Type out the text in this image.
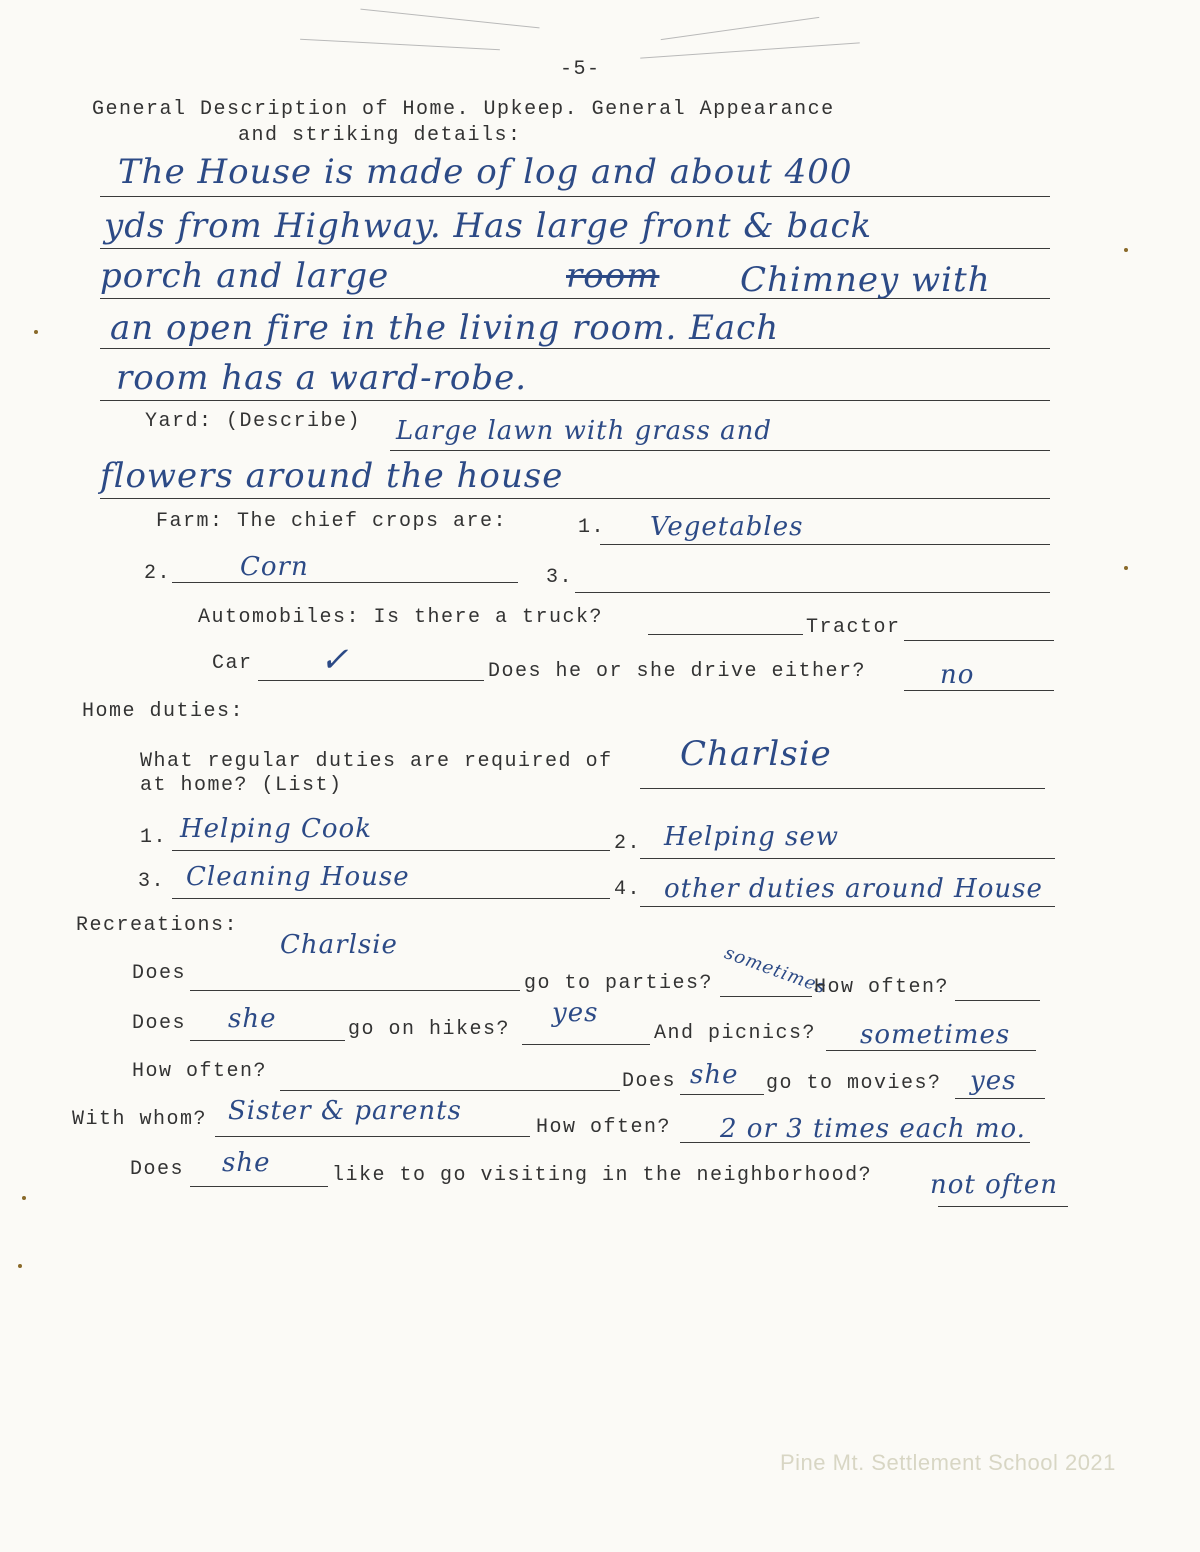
-5-
General Description of Home. Upkeep. General Appearance
and striking details:
The House is made of log and about 400
yds from Highway. Has large front & back
porch and large	room Chimney with
an open fire in the living room. Each
room has a ward-robe.
Yard: (Describe) Large lawn with grass and
flowers around the house
Farm: The chief crops are:	1. Vegetables
2.	Corn	3.
Automobiles: Is there a truck?	Tractor
Car ✓	Does he or she drive either?	no
Home duties:
What regular duties are required of
at home? (List)
Charlsie
1. Helping Cook	2. Helping sew
3. Cleaning House	4. other duties around House
Recreations:
Does
Charlsie
go to parties? sometimes
How often?
Does she	go on hikes?
yes
And picnics? sometimes
How often?	Does she go to movies? yes
With whom? Sister & parents
How often? 2 or 3 times each mo.
Does she	like to go visiting in the neighborhood? not often
Pine Mt. Settlement School 2021
